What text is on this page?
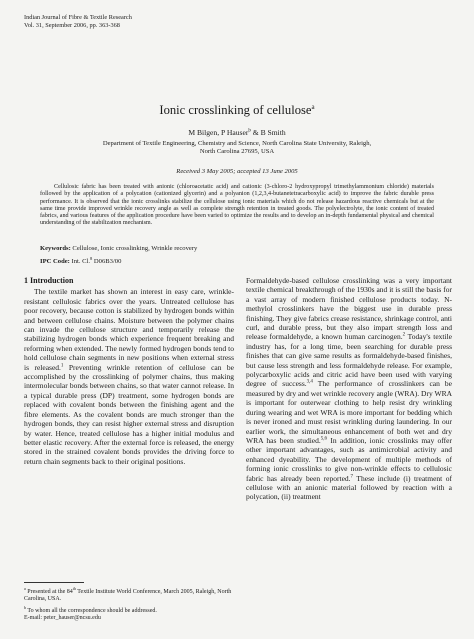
Indian Journal of Fibre & Textile Research
Vol. 31, September 2006, pp. 363-368
Ionic crosslinking of cellulose$^a$
M Bilgen, P Hauser$^b$ & B Smith
Department of Textile Engineering, Chemistry and Science, North Carolina State University, Raleigh,
North Carolina 27695, USA
Received 3 May 2005; accepted 13 June 2005
Cellulosic fabric has been treated with anionic (chloroacetatic acid) and cationic (3-chloro-2 hydroxypropyl trimethylammonium chloride) materials followed by the application of a polycation (cationized glycerin) and a polyanion (1,2,3,4-butanetetracarboxylic acid) to improve the fabric durable press performance. It is observed that the ionic crosslinks stabilize the cellulose using ionic materials which do not release hazardous reactive chemicals but at the same time provide improved wrinkle recovery angle as well as complete strength retention in treated goods. The polyelectrolyte, the ionic content of treated fabrics, and various features of the application procedure have been varied to optimize the results and to develop an in-depth fundamental physical and chemical understanding of the stabilization mechanism.
Keywords: Cellulose, Ionic crosslinking, Wrinkle recovery
IPC Code: Int. Cl.$^8$ D06B3/00
1 Introduction
The textile market has shown an interest in easy care, wrinkle-resistant cellulosic fabrics over the years. Untreated cellulose has poor recovery, because cotton is stabilized by hydrogen bonds within and between cellulose chains. Moisture between the polymer chains can invade the cellulose structure and temporarily release the stabilizing hydrogen bonds which experience frequent breaking and reforming when extended. The newly formed hydrogen bonds tend to hold cellulose chain segments in new positions when external stress is released.$^1$ Preventing wrinkle retention of cellulose can be accomplished by the crosslinking of polymer chains, thus making intermolecular bonds between chains, so that water cannot release. In a typical durable press (DP) treatment, some hydrogen bonds are replaced with covalent bonds between the finishing agent and the fibre elements. As the covalent bonds are much stronger than the hydrogen bonds, they can resist higher external stress and disruption by water. Hence, treated cellulose has a higher initial modulus and better elastic recovery. After the external force is released, the energy stored in the strained covalent bonds provides the driving force to return chain segments back to their original positions.
Formaldehyde-based cellulose crosslinking was a very important textile chemical breakthrough of the 1930s and it is still the basis for a vast array of modern finished cellulose products today. N-methylol crosslinkers have the biggest use in durable press finishing. They give fabrics crease resistance, shrinkage control, anti curl, and durable press, but they also impart strength loss and release formaldehyde, a known human carcinogen.$^2$ Today's textile industry has, for a long time, been searching for durable press finishes that can give same results as formaldehyde-based finishes, but cause less strength and less formaldehyde release. For example, polycarboxylic acids and citric acid have been used with varying degree of success.$^{3,4}$ The performance of crosslinkers can be measured by dry and wet wrinkle recovery angle (WRA). Dry WRA is important for outerwear clothing to help resist dry wrinkling during wearing and wet WRA is more important for bedding which is never ironed and must resist wrinkling during laundering. In our earlier work, the simultaneous enhancement of both wet and dry WRA has been studied.$^{5,6}$ In addition, ionic crosslinks may offer other important advantages, such as antimicrobial activity and enhanced dyeability. The development of multiple methods of forming ionic crosslinks to give non-wrinkle effects to cellulosic fabric has already been reported.$^7$ These include (i) treatment of cellulose with an anionic material followed by reaction with a polycation, (ii) treatment

$^a$ Presented at the 84th Textile Institute World Conference, March 2005, Raleigh, North Carolina, USA.

$^b$ To whom all the correspondence should be addressed.

E-mail: peter_hauser@ncsu.edu
